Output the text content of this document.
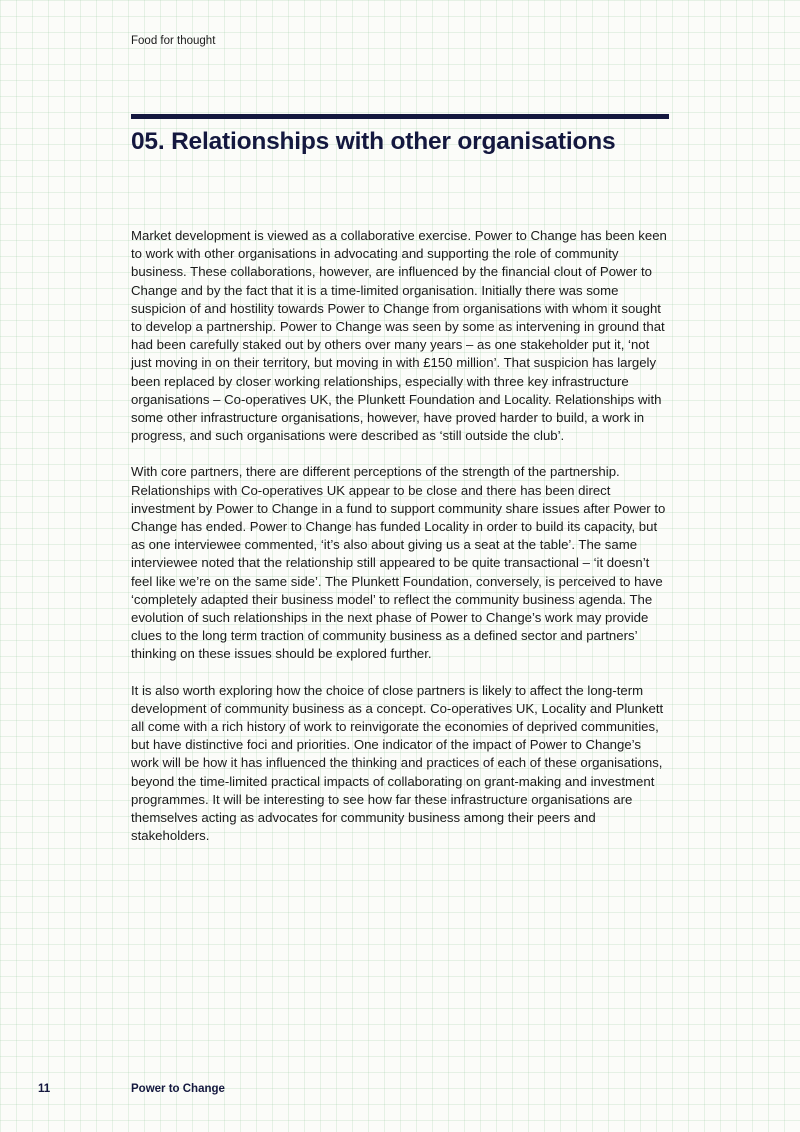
Food for thought
05. Relationships with other organisations

Market development is viewed as a collaborative exercise. Power to Change has been keen to work with other organisations in advocating and supporting the role of community business. These collaborations, however, are influenced by the financial clout of Power to Change and by the fact that it is a time-limited organisation. Initially there was some suspicion of and hostility towards Power to Change from organisations with whom it sought to develop a partnership. Power to Change was seen by some as intervening in ground that had been carefully staked out by others over many years – as one stakeholder put it, ‘not just moving in on their territory, but moving in with £150 million’. That suspicion has largely been replaced by closer working relationships, especially with three key infrastructure organisations – Co-operatives UK, the Plunkett Foundation and Locality. Relationships with some other infrastructure organisations, however, have proved harder to build, a work in progress, and such organisations were described as ‘still outside the club’.

With core partners, there are different perceptions of the strength of the partnership. Relationships with Co-operatives UK appear to be close and there has been direct investment by Power to Change in a fund to support community share issues after Power to Change has ended. Power to Change has funded Locality in order to build its capacity, but as one interviewee commented, ‘it’s also about giving us a seat at the table’. The same interviewee noted that the relationship still appeared to be quite transactional – ‘it doesn’t feel like we’re on the same side’. The Plunkett Foundation, conversely, is perceived to have ‘completely adapted their business model’ to reflect the community business agenda. The evolution of such relationships in the next phase of Power to Change’s work may provide clues to the long term traction of community business as a defined sector and partners’ thinking on these issues should be explored further.

It is also worth exploring how the choice of close partners is likely to affect the long-term development of community business as a concept. Co-operatives UK, Locality and Plunkett all come with a rich history of work to reinvigorate the economies of deprived communities, but have distinctive foci and priorities. One indicator of the impact of Power to Change’s work will be how it has influenced the thinking and practices of each of these organisations, beyond the time-limited practical impacts of collaborating on grant-making and investment programmes. It will be interesting to see how far these infrastructure organisations are themselves acting as advocates for community business among their peers and stakeholders.

11	Power to Change
